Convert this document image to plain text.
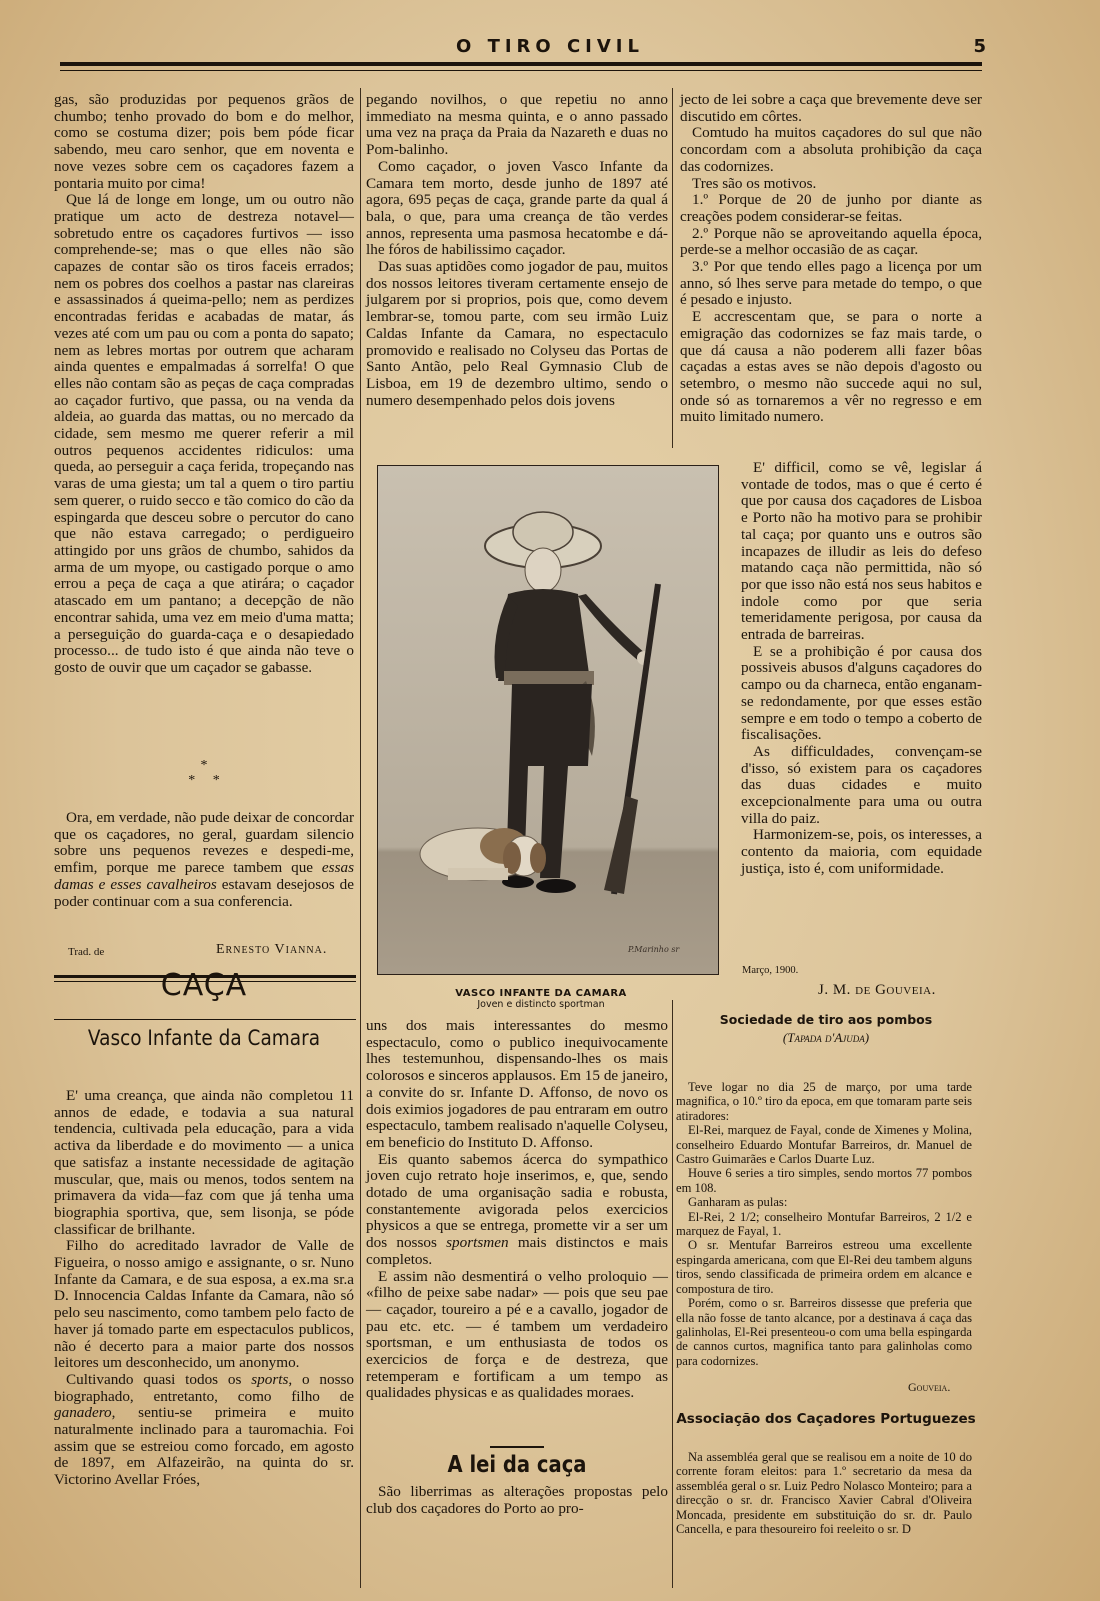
O TIRO CIVIL	5

gas, são produzidas por pequenos grãos de chumbo; tenho provado do bom e do melhor, como se costuma dizer; pois bem póde ficar sabendo, meu caro senhor, que em noventa e nove vezes sobre cem os caçadores fazem a pontaria muito por cima!

Que lá de longe em longe, um ou outro não pratique um acto de destreza notavel— sobretudo entre os caçadores furtivos — isso comprehende-se; mas o que elles não são capazes de contar são os tiros faceis errados; nem os pobres dos coelhos a pastar nas clareiras e assassinados á queima-pello; nem as perdizes encontradas feridas e acabadas de matar, ás vezes até com um pau ou com a ponta do sapato; nem as lebres mortas por outrem que acharam ainda quentes e empalmadas á sorrelfa! O que elles não contam são as peças de caça compradas ao caçador furtivo, que passa, ou na venda da aldeia, ao guarda das mattas, ou no mercado da cidade, sem mesmo me querer referir a mil outros pequenos accidentes ridiculos: uma queda, ao perseguir a caça ferida, tropeçando nas varas de uma giesta; um tal a quem o tiro partiu sem querer, o ruido secco e tão comico do cão da espingarda que desceu sobre o percutor do cano que não estava carregado; o perdigueiro attingido por uns grãos de chumbo, sahidos da arma de um myope, ou castigado porque o amo errou a peça de caça a que atirára; o caçador atascado em um pantano; a decepção de não encontrar sahida, uma vez em meio d'uma matta; a perseguição do guarda-caça e o desapiedado processo... de tudo isto é que ainda não teve o gosto de ouvir que um caçador se gabasse.

*
*     *

Ora, em verdade, não pude deixar de concordar que os caçadores, no geral, guardam silencio sobre uns pequenos revezes e despedi-me, emfim, porque me parece tambem que essas damas e esses cavalheiros estavam desejosos de poder continuar com a sua conferencia.

Trad. de	Ernesto Vianna.
CAÇA
Vasco Infante da Camara

E' uma creança, que ainda não completou 11 annos de edade, e todavia a sua natural tendencia, cultivada pela educação, para a vida activa da liberdade e do movimento — a unica que satisfaz a instante necessidade de agitação muscular, que, mais ou menos, todos sentem na primavera da vida—faz com que já tenha uma biographia sportiva, que, sem lisonja, se póde classificar de brilhante.

Filho do acreditado lavrador de Valle de Figueira, o nosso amigo e assignante, o sr. Nuno Infante da Camara, e de sua esposa, a ex.ma sr.a D. Innocencia Caldas Infante da Camara, não só pelo seu nascimento, como tambem pelo facto de haver já tomado parte em espectaculos publicos, não é decerto para a maior parte dos nossos leitores um desconhecido, um anonymo.

Cultivando quasi todos os sports, o nosso biographado, entretanto, como filho de ganadero, sentiu-se primeira e muito naturalmente inclinado para a tauromachia. Foi assim que se estreiou como forcado, em agosto de 1897, em Alfazeirão, na quinta do sr. Victorino Avellar Fróes,

pegando novilhos, o que repetiu no anno immediato na mesma quinta, e o anno passado uma vez na praça da Praia da Nazareth e duas no Pom-balinho.

Como caçador, o joven Vasco Infante da Camara tem morto, desde junho de 1897 até agora, 695 peças de caça, grande parte da qual á bala, o que, para uma creança de tão verdes annos, representa uma pasmosa hecatombe e dá-lhe fóros de habilissimo caçador.

Das suas aptidões como jogador de pau, muitos dos nossos leitores tiveram certamente ensejo de julgarem por si proprios, pois que, como devem lembrar-se, tomou parte, com seu irmão Luiz Caldas Infante da Camara, no espectaculo promovido e realisado no Colyseu das Portas de Santo Antão, pelo Real Gymnasio Club de Lisboa, em 19 de dezembro ultimo, sendo o numero desempenhado pelos dois jovens

P.Marinho sr
VASCO INFANTE DA CAMARA
Joven e distincto sportman

uns dos mais interessantes do mesmo espectaculo, como o publico inequivocamente lhes testemunhou, dispensando-lhes os mais colorosos e sinceros applausos. Em 15 de janeiro, a convite do sr. Infante D. Affonso, de novo os dois eximios jogadores de pau entraram em outro espectaculo, tambem realisado n'aquelle Colyseu, em beneficio do Instituto D. Affonso.

Eis quanto sabemos ácerca do sympathico joven cujo retrato hoje inserimos, e, que, sendo dotado de uma organisação sadia e robusta, constantemente avigorada pelos exercicios physicos a que se entrega, promette vir a ser um dos nossos sportsmen mais distinctos e mais completos.

E assim não desmentirá o velho proloquio — «filho de peixe sabe nadar» — pois que seu pae — caçador, toureiro a pé e a cavallo, jogador de pau etc. etc. — é tambem um verdadeiro sportsman, e um enthusiasta de todos os exercicios de força e de destreza, que retemperam e fortificam a um tempo as qualidades physicas e as qualidades moraes.

A lei da caça

São liberrimas as alterações propostas pelo club dos caçadores do Porto ao pro-

jecto de lei sobre a caça que brevemente deve ser discutido em côrtes.

Comtudo ha muitos caçadores do sul que não concordam com a absoluta prohibição da caça das codornizes.

Tres são os motivos.

1.º Porque de 20 de junho por diante as creações podem considerar-se feitas.

2.º Porque não se aproveitando aquella época, perde-se a melhor occasião de as caçar.

3.º Por que tendo elles pago a licença por um anno, só lhes serve para metade do tempo, o que é pesado e injusto.

E accrescentam que, se para o norte a emigração das codornizes se faz mais tarde, o que dá causa a não poderem alli fazer bôas caçadas a estas aves se não depois d'agosto ou setembro, o mesmo não succede aqui no sul, onde só as tornaremos a vêr no regresso e em muito limitado numero.

E' difficil, como se vê, legislar á vontade de todos, mas o que é certo é que por causa dos caçadores de Lisboa e Porto não ha motivo para se prohibir tal caça; por quanto uns e outros são incapazes de illudir as leis do defeso matando caça não permittida, não só por que isso não está nos seus habitos e indole como por que seria temeridamente perigosa, por causa da entrada de barreiras.

E se a prohibição é por causa dos possiveis abusos d'alguns caçadores do campo ou da charneca, então enganam-se redondamente, por que esses estão sempre e em todo o tempo a coberto de fiscalisações.

As difficuldades, convençam-se d'isso, só existem para os caçadores das duas cidades e muito excepcionalmente para uma ou outra villa do paiz.

Harmonizem-se, pois, os interesses, a contento da maioria, com equidade justiça, isto é, com uniformidade.

Março, 1900.
J. M. de Gouveia.
Sociedade de tiro aos pombos
(Tapada d'Ajuda)

Teve logar no dia 25 de março, por uma tarde magnifica, o 10.º tiro da epoca, em que tomaram parte seis atiradores:

El-Rei, marquez de Fayal, conde de Ximenes y Molina, conselheiro Eduardo Montufar Barreiros, dr. Manuel de Castro Guimarães e Carlos Duarte Luz.

Houve 6 series a tiro simples, sendo mortos 77 pombos em 108.

Ganharam as pulas:

El-Rei, 2 1/2; conselheiro Montufar Barreiros, 2 1/2 e marquez de Fayal, 1.

O sr. Mentufar Barreiros estreou uma excellente espingarda americana, com que El-Rei deu tambem alguns tiros, sendo classificada de primeira ordem em alcance e compostura de tiro.

Porém, como o sr. Barreiros dissesse que preferia que ella não fosse de tanto alcance, por a destinava á caça das galinholas, El-Rei presenteou-o com uma bella espingarda de cannos curtos, magnifica tanto para galinholas como para codornizes.

Gouveia.
Associação dos Caçadores Portuguezes

Na assembléa geral que se realisou em a noite de 10 do corrente foram eleitos: para 1.º secretario da mesa da assembléa geral o sr. Luiz Pedro Nolasco Monteiro; para a direcção o sr. dr. Francisco Xavier Cabral d'Oliveira Moncada, presidente em substituição do sr. dr. Paulo Cancella, e para thesoureiro foi reeleito o sr. D
